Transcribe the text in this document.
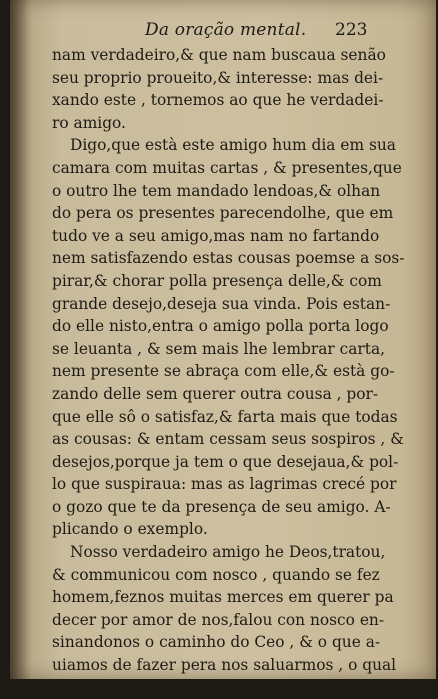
Da oração mental. 223
nam verdadeiro,& que nam buscaua senão
seu proprio proueito,& interesse: mas dei-
xando este , tornemos ao que he verdadei-
ro amigo.
Digo,que està este amigo hum dia em sua
camara com muitas cartas , & presentes,que
o outro lhe tem mandado lendoas,& olhan
do pera os presentes parecendolhe, que em
tudo ve a seu amigo,mas nam no fartando
nem satisfazendo estas cousas poemse a sos-
pirar,& chorar polla presença delle,& com
grande desejo,deseja sua vinda. Pois estan-
do elle nisto,entra o amigo polla porta logo
se leuanta , & sem mais lhe lembrar carta,
nem presente se abraça com elle,& està go-
zando delle sem querer outra cousa , por-
que elle sô o satisfaz,& farta mais que todas
as cousas: & entam cessam seus sospiros , &
desejos,porque ja tem o que desejaua,& pol-
lo que suspiraua: mas as lagrimas crecé por
o gozo que te da presença de seu amigo. A-
plicando o exemplo.
Nosso verdadeiro amigo he Deos,tratou,
& communicou com nosco , quando se fez
homem,feznos muitas merces em querer pa
decer por amor de nos,falou con nosco en-
sinandonos o caminho do Ceo , & o que a-
uiamos de fazer pera nos saluarmos , o qual
tudo
